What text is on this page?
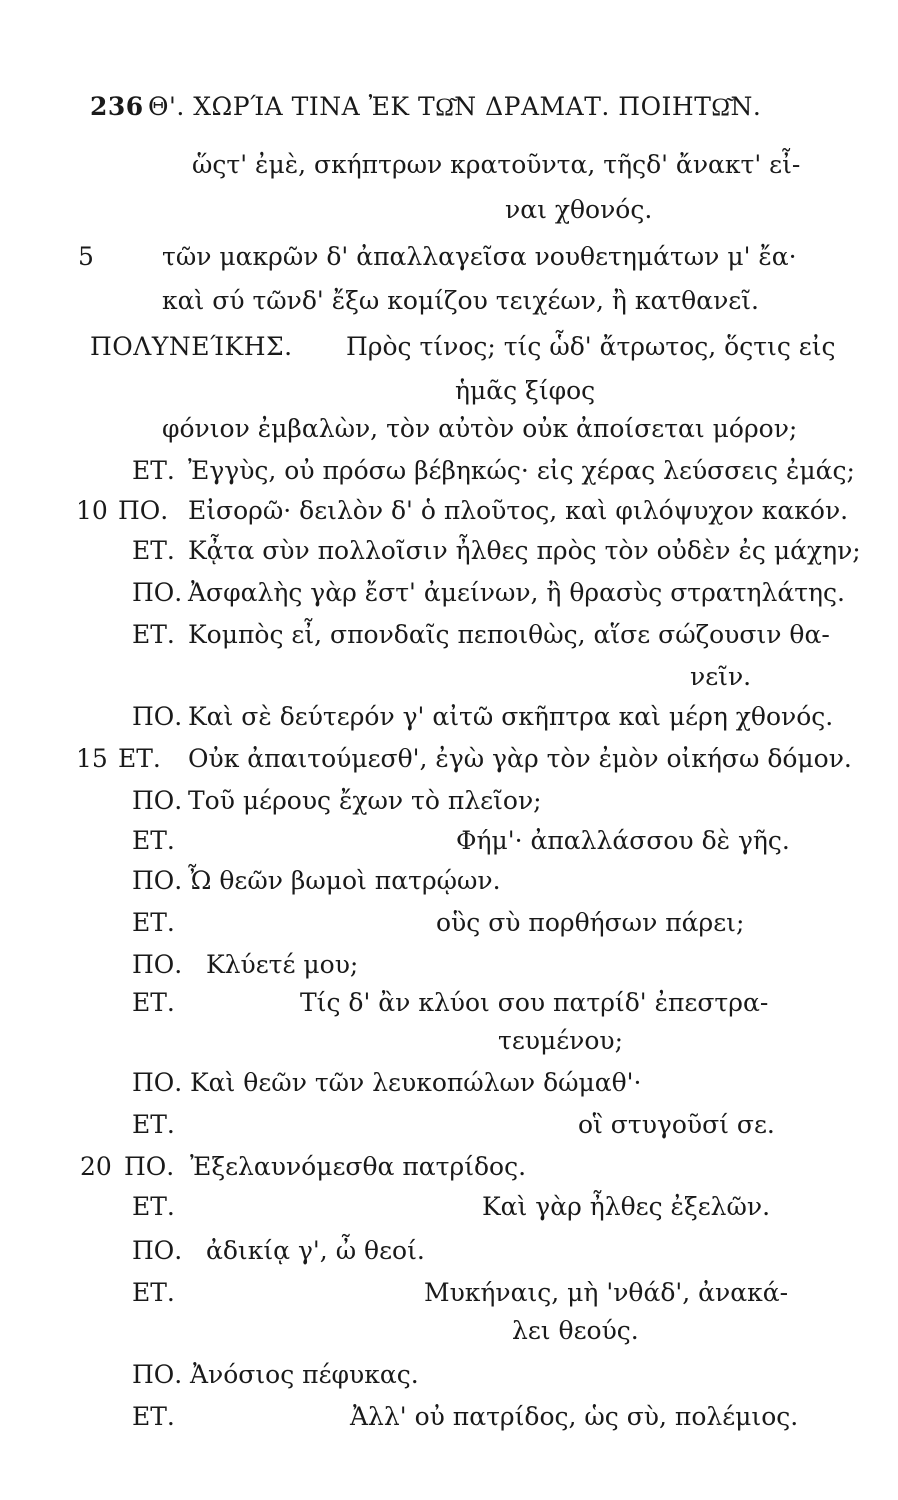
236 Θ'. ΧΩΡΊΑ ΤΙΝΑ ἘΚ ΤΩ͂Ν ΔΡΑΜΑΤ. ΠΟΙΗΤΩ͂Ν.
ὥςτ' ἐμὲ, σκήπτρων κρατοῦντα, τῆςδ' ἄνακτ' εἶ-
ναι χθονός.
5	τῶν μακρῶν δ' ἀπαλλαγεῖσα νουθετημάτων μ' ἔα·
καὶ σύ τῶνδ' ἔξω κομίζου τειχέων, ἢ κατθανεῖ.
ΠΟΛΥΝΕΊΚΗΣ. Πρὸς τίνος; τίς ὧδ' ἄτρωτος, ὅςτις εἰς
ἡμᾶς ξίφος
φόνιον ἐμβαλὼν, τὸν αὐτὸν οὐκ ἀποίσεται μόρον;
ΕΤ. Ἐγγὺς, οὐ πρόσω βέβηκώς· εἰς χέρας λεύσσεις ἐμάς;
10 ΠΟ. Εἰσορῶ· δειλὸν δ' ὁ πλοῦτος, καὶ φιλόψυχον κακόν.
ΕΤ. Κᾆτα σὺν πολλοῖσιν ἦλθες πρὸς τὸν οὐδὲν ἐς μάχην;
ΠΟ. Ἀσφαλὴς γὰρ ἔστ' ἀμείνων, ἢ θρασὺς στρατηλάτης.
ΕΤ. Κομπὸς εἶ, σπονδαῖς πεποιθὼς, αἵσε σώζουσιν θα-
νεῖν.
ΠΟ. Καὶ σὲ δεύτερόν γ' αἰτῶ σκῆπτρα καὶ μέρη χθονός.
15 ΕΤ. Οὐκ ἀπαιτούμεσθ', ἐγὼ γὰρ τὸν ἐμὸν οἰκήσω δόμον.
ΠΟ. Τοῦ μέρους ἔχων τὸ πλεῖον;
ΕΤ.	Φήμ'· ἀπαλλάσσου δὲ γῆς.
ΠΟ. Ὦ θεῶν βωμοὶ πατρῴων.
ΕΤ.	οὓς σὺ πορθήσων πάρει;
ΠΟ. Κλύετέ μου;
ΕΤ.	Τίς δ' ἂν κλύοι σου πατρίδ' ἐπεστρα-
τευμένου;
ΠΟ. Καὶ θεῶν τῶν λευκοπώλων δώμαθ'·
ΕΤ.	οἳ στυγοῦσί σε.
20 ΠΟ. Ἐξελαυνόμεσθα πατρίδος.
ΕΤ.	Καὶ γὰρ ἦλθες ἐξελῶν.
ΠΟ. ἀδικίᾳ γ', ὦ θεοί.
ΕΤ.	Μυκήναις, μὴ 'νθάδ', ἀνακά-
λει θεούς.
ΠΟ. Ἀνόσιος πέφυκας.
ΕΤ.	Ἀλλ' οὐ πατρίδος, ὡς σὺ, πολέμιος.
